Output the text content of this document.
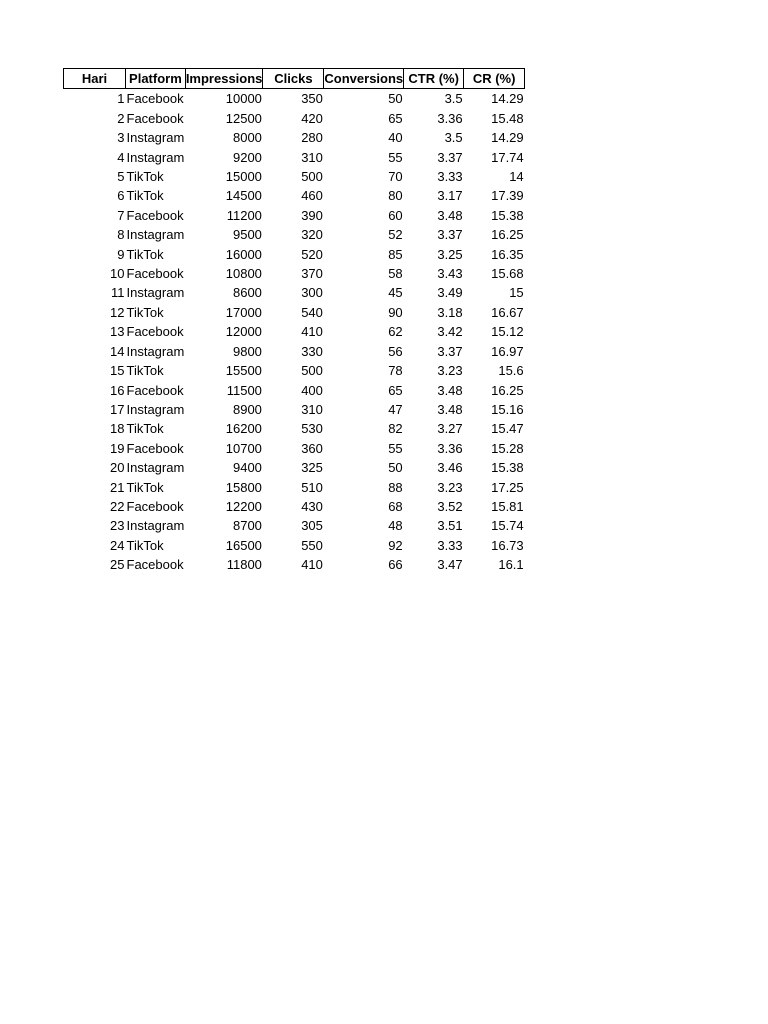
Hari	Platform	Impressions	Clicks	Conversions	CTR (%)	CR (%)

1	Facebook	10000	350	50	3.5	14.29
2	Facebook	12500	420	65	3.36	15.48
3	Instagram	8000	280	40	3.5	14.29
4	Instagram	9200	310	55	3.37	17.74
5	TikTok	15000	500	70	3.33	14
6	TikTok	14500	460	80	3.17	17.39
7	Facebook	11200	390	60	3.48	15.38
8	Instagram	9500	320	52	3.37	16.25
9	TikTok	16000	520	85	3.25	16.35
10	Facebook	10800	370	58	3.43	15.68
11	Instagram	8600	300	45	3.49	15
12	TikTok	17000	540	90	3.18	16.67
13	Facebook	12000	410	62	3.42	15.12
14	Instagram	9800	330	56	3.37	16.97
15	TikTok	15500	500	78	3.23	15.6
16	Facebook	11500	400	65	3.48	16.25
17	Instagram	8900	310	47	3.48	15.16
18	TikTok	16200	530	82	3.27	15.47
19	Facebook	10700	360	55	3.36	15.28
20	Instagram	9400	325	50	3.46	15.38
21	TikTok	15800	510	88	3.23	17.25
22	Facebook	12200	430	68	3.52	15.81
23	Instagram	8700	305	48	3.51	15.74
24	TikTok	16500	550	92	3.33	16.73
25	Facebook	11800	410	66	3.47	16.1
